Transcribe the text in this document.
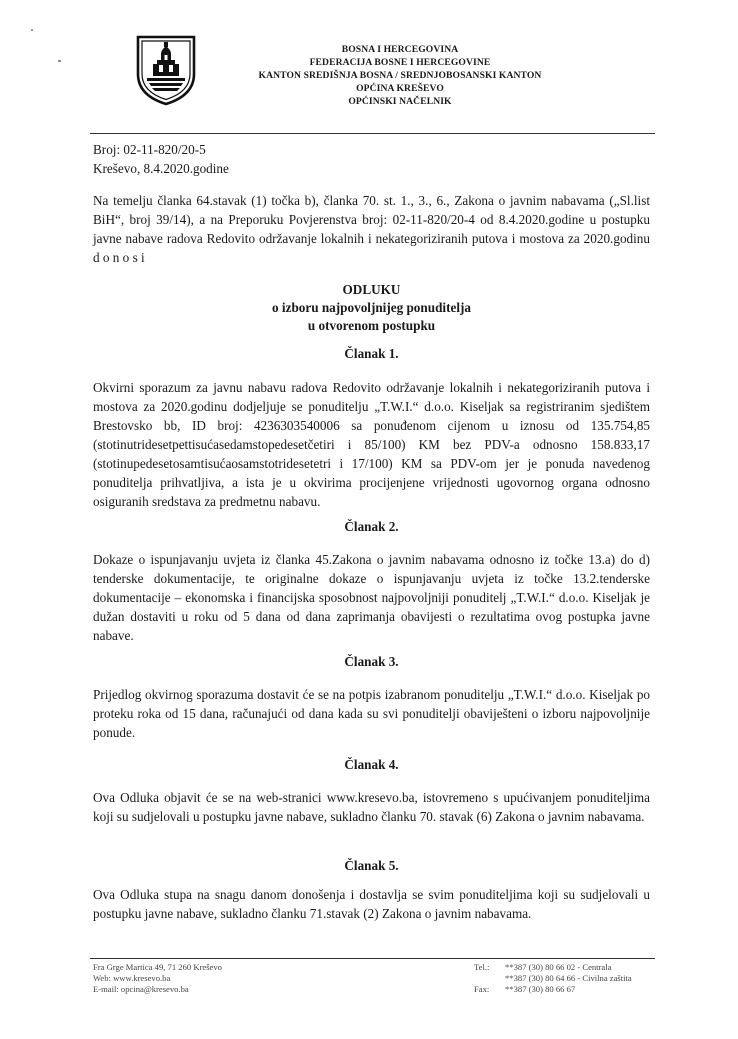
BOSNA I HERCEGOVINA
FEDERACIJA BOSNE I HERCEGOVINE
KANTON SREDIŠNJA BOSNA / SREDNJOBOSANSKI KANTON
OPĆINA KREŠEVO
OPĆINSKI NAČELNIK
Broj: 02-11-820/20-5
Kreševo, 8.4.2020.godine
Na temelju članka 64.stavak (1) točka b), članka 70. st. 1., 3., 6., Zakona o javnim nabavama („Sl.list BiH“, broj 39/14), a na Preporuku Povjerenstva broj: 02-11-820/20-4 od 8.4.2020.godine u postupku javne nabave radova Redovito održavanje lokalnih i nekategoriziranih putova i mostova za 2020.godinu d o n o s i
ODLUKU
o izboru najpovoljnijeg ponuditelja
u otvorenom postupku
Članak 1.
Okvirni sporazum za javnu nabavu radova Redovito održavanje lokalnih i nekategoriziranih putova i mostova za 2020.godinu dodjeljuje se ponuditelju „T.W.I.“ d.o.o. Kiseljak sa registriranim sjedištem Brestovsko bb, ID broj: 4236303540006 sa ponuđenom cijenom u iznosu od 135.754,85 (stotinutridesetpettisućasedamstopedesetčetiri i 85/100) KM bez PDV-a odnosno 158.833,17 (stotinupedesetosamtisućaosamstotridesetetri i 17/100) KM sa PDV-om jer je ponuda navedenog ponuditelja prihvatljiva, a ista je u okvirima procijenjene vrijednosti ugovornog organa odnosno osiguranih sredstava za predmetnu nabavu.
Članak 2.
Dokaze o ispunjavanju uvjeta iz članka 45.Zakona o javnim nabavama odnosno iz točke 13.a) do d) tenderske dokumentacije, te originalne dokaze o ispunjavanju uvjeta iz točke 13.2.tenderske dokumentacije – ekonomska i financijska sposobnost najpovoljniji ponuditelj „T.W.I.“ d.o.o. Kiseljak je dužan dostaviti u roku od 5 dana od dana zaprimanja obavijesti o rezultatima ovog postupka javne nabave.
Članak 3.
Prijedlog okvirnog sporazuma dostavit će se na potpis izabranom ponuditelju „T.W.I.“ d.o.o. Kiseljak po proteku roka od 15 dana, računajući od dana kada su svi ponuditelji obaviješteni o izboru najpovoljnije ponude.
Članak 4.
Ova Odluka objavit će se na web-stranici www.kresevo.ba, istovremeno s upućivanjem ponuditeljima koji su sudjelovali u postupku javne nabave, sukladno članku 70. stavak (6) Zakona o javnim nabavama.
Članak 5.
Ova Odluka stupa na snagu danom donošenja i dostavlja se svim ponuditeljima koji su sudjelovali u postupku javne nabave, sukladno članku 71.stavak (2) Zakona o javnim nabavama.
Fra Grge Martica 49, 71 260 Kreševo
Web: www.kresevo.ba
E-mail: opcina@kresevo.ba
Tel.: **387 (30) 80 66 02 - Centrala
**387 (30) 80 64 66 - Civilna zaštita
Fax: **387 (30) 80 66 67
